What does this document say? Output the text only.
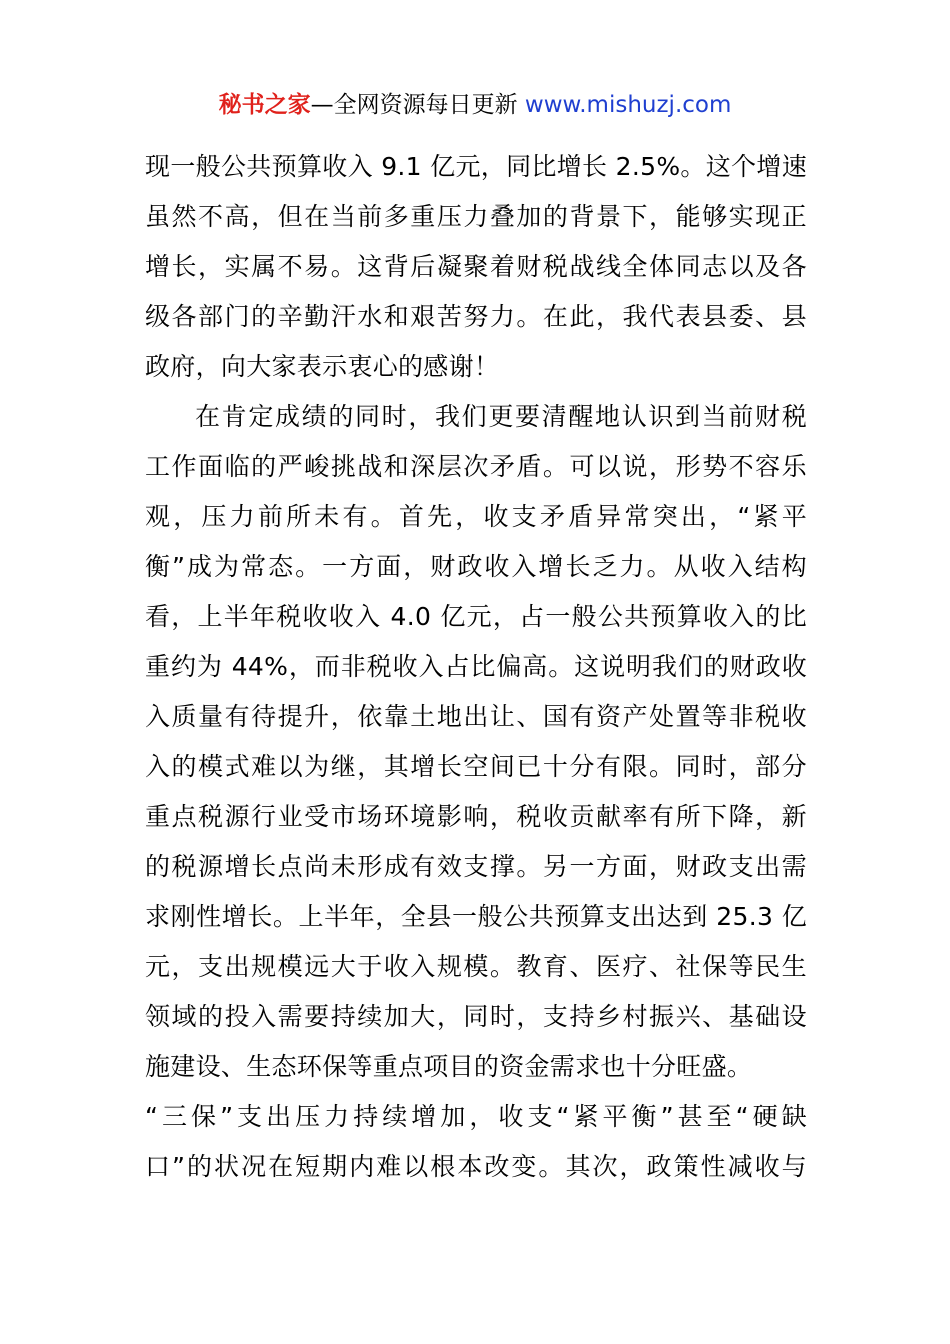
秘书之家—全网资源每日更新 www.mishuzj.com
现一般公共预算收入 9.1 亿元，同比增长 2.5%。这个增速
虽然不高，但在当前多重压力叠加的背景下，能够实现正
增长，实属不易。这背后凝聚着财税战线全体同志以及各
级各部门的辛勤汗水和艰苦努力。在此，我代表县委、县
政府，向大家表示衷心的感谢！
在肯定成绩的同时，我们更要清醒地认识到当前财税
工作面临的严峻挑战和深层次矛盾。可以说，形势不容乐
观，压力前所未有。首先，收支矛盾异常突出，“紧平
衡”成为常态。一方面，财政收入增长乏力。从收入结构
看，上半年税收收入 4.0 亿元，占一般公共预算收入的比
重约为 44%，而非税收入占比偏高。这说明我们的财政收
入质量有待提升，依靠土地出让、国有资产处置等非税收
入的模式难以为继，其增长空间已十分有限。同时，部分
重点税源行业受市场环境影响，税收贡献率有所下降，新
的税源增长点尚未形成有效支撑。另一方面，财政支出需
求刚性增长。上半年，全县一般公共预算支出达到 25.3 亿
元，支出规模远大于收入规模。教育、医疗、社保等民生
领域的投入需要持续加大，同时，支持乡村振兴、基础设
施建设、生态环保等重点项目的资金需求也十分旺盛。
“三保”支出压力持续增加，收支“紧平衡”甚至“硬缺
口”的状况在短期内难以根本改变。其次，政策性减收与
